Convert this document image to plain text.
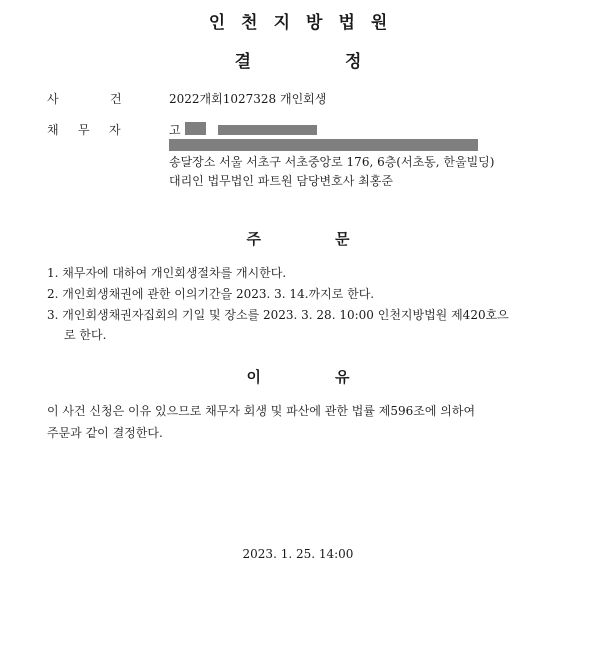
인 천 지 방 법 원
결	정
사	건	2022개회1027328 개인회생
채 무 자	고
송달장소 서울 서초구 서초중앙로 176, 6층(서초동, 한울빌딩)
대리인 법무법인 파트원 담당변호사 최홍준
주	문
1. 채무자에 대하여 개인회생절차를 개시한다.
2. 개인회생채권에 관한 이의기간을 2023. 3. 14.까지로 한다.
3. 개인회생채권자집회의 기일 및 장소를 2023. 3. 28. 10:00 인천지방법원 제420호으
로 한다.
이	유
이 사건 신청은 이유 있으므로 채무자 회생 및 파산에 관한 법률 제596조에 의하여
주문과 같이 결정한다.
2023. 1. 25. 14:00
